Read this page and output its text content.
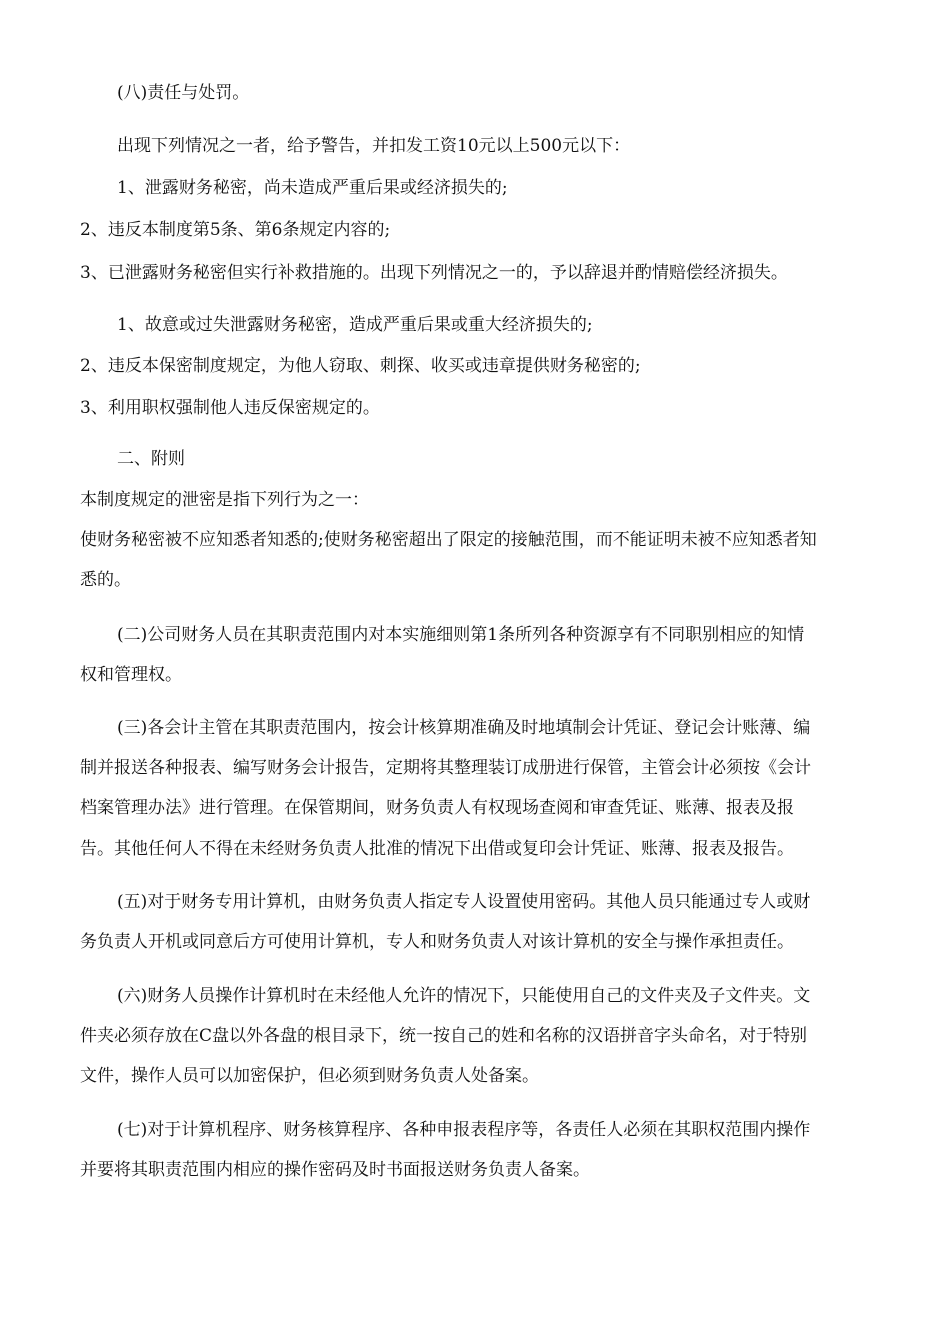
(八)责任与处罚。
出现下列情况之一者，给予警告，并扣发工资10元以上500元以下：
1、泄露财务秘密，尚未造成严重后果或经济损失的;
2、违反本制度第5条、第6条规定内容的;
3、已泄露财务秘密但实行补救措施的。出现下列情况之一的，予以辞退并酌情赔偿经济损失。
1、故意或过失泄露财务秘密，造成严重后果或重大经济损失的;
2、违反本保密制度规定，为他人窃取、刺探、收买或违章提供财务秘密的;
3、利用职权强制他人违反保密规定的。
二、附则
本制度规定的泄密是指下列行为之一：
使财务秘密被不应知悉者知悉的;使财务秘密超出了限定的接触范围，而不能证明未被不应知悉者知
悉的。
(二)公司财务人员在其职责范围内对本实施细则第1条所列各种资源享有不同职别相应的知情
权和管理权。
(三)各会计主管在其职责范围内，按会计核算期准确及时地填制会计凭证、登记会计账薄、编
制并报送各种报表、编写财务会计报告，定期将其整理装订成册进行保管，主管会计必须按《会计
档案管理办法》进行管理。在保管期间，财务负责人有权现场查阅和审查凭证、账薄、报表及报
告。其他任何人不得在未经财务负责人批准的情况下出借或复印会计凭证、账薄、报表及报告。
(五)对于财务专用计算机，由财务负责人指定专人设置使用密码。其他人员只能通过专人或财
务负责人开机或同意后方可使用计算机，专人和财务负责人对该计算机的安全与操作承担责任。
(六)财务人员操作计算机时在未经他人允许的情况下，只能使用自己的文件夹及子文件夹。文
件夹必须存放在C盘以外各盘的根目录下，统一按自己的姓和名称的汉语拼音字头命名，对于特别
文件，操作人员可以加密保护，但必须到财务负责人处备案。
(七)对于计算机程序、财务核算程序、各种申报表程序等，各责任人必须在其职权范围内操作
并要将其职责范围内相应的操作密码及时书面报送财务负责人备案。
